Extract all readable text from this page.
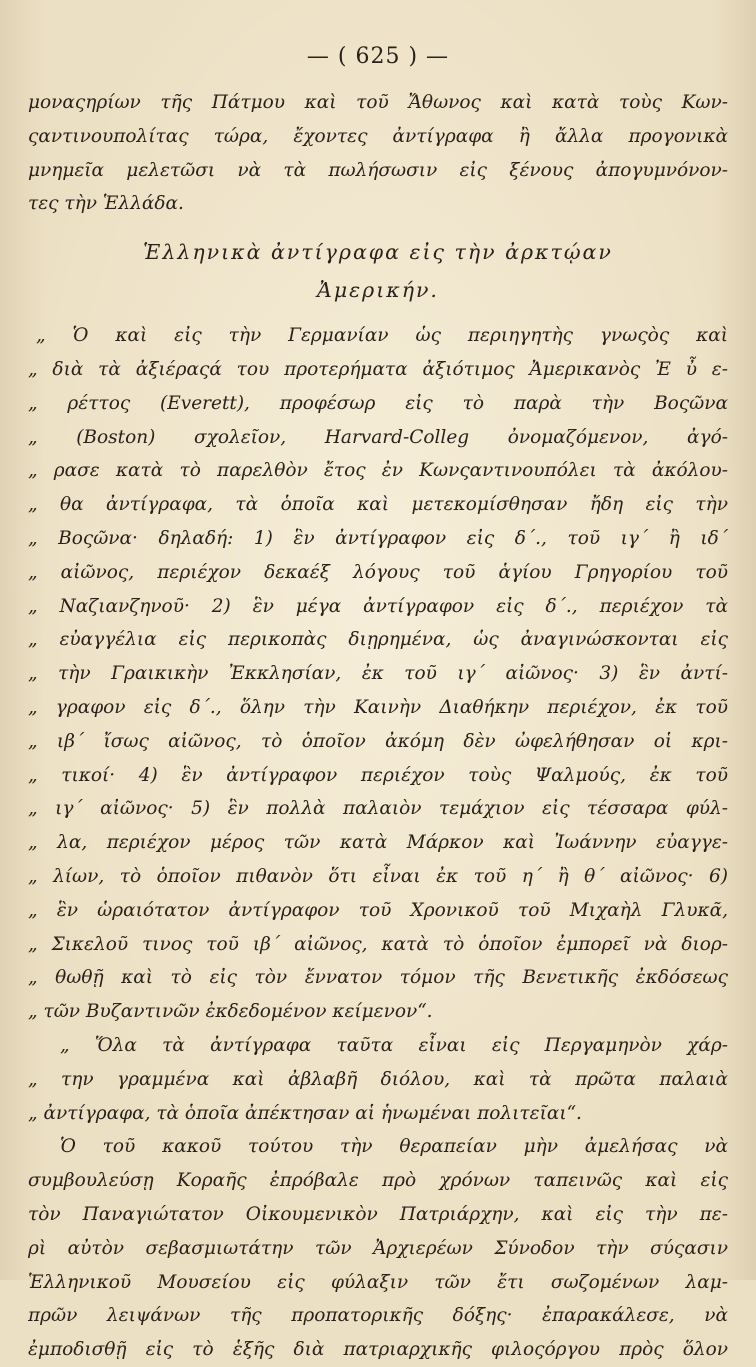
— ( 625 ) —
μοναςηρίων τῆς Πάτμου καὶ τοῦ Ἄθωνος καὶ κατὰ τοὺς Κων-
ςαντινουπολίτας τώρα, ἔχοντες ἀντίγραφα ἢ ἄλλα προγονικὰ
μνημεῖα μελετῶσι νὰ τὰ πωλήσωσιν εἰς ξένους ἀπογυμνόνον-
τες τὴν Ἑλλάδα.
Ἑλληνικὰ ἀντίγραφα εἰς τὴν ἀρκτῴαν
Ἀμερικήν.
„ Ὁ καὶ εἰς τὴν Γερμανίαν ὡς περιηγητὴς γνωςὸς καὶ
„ διὰ τὰ ἀξιέραςά του προτερήματα ἀξιότιμος Ἀμερικανὸς Ἐ ὖ ε-
„ ρέττος (Everett), προφέσωρ εἰς τὸ παρὰ τὴν Βοςῶνα
„ (Boston) σχολεῖον, Harvard-Colleg ὀνομαζόμενον, ἀγό-
„ ρασε κατὰ τὸ παρελθὸν ἔτος ἐν Κωνςαντινουπόλει τὰ ἀκόλου-
„ θα ἀντίγραφα, τὰ ὁποῖα καὶ μετεκομίσθησαν ἤδη εἰς τὴν
„ Βοςῶνα· δηλαδή: 1) ἓν ἀντίγραφον εἰς δ΄., τοῦ ιγ΄ ἢ ιδ΄
„ αἰῶνος, περιέχον δεκαέξ λόγους τοῦ ἁγίου Γρηγορίου τοῦ
„ Ναζιανζηνοῦ· 2) ἓν μέγα ἀντίγραφον εἰς δ΄., περιέχον τὰ
„ εὐαγγέλια εἰς περικοπὰς διῃρημένα, ὡς ἀναγινώσκονται εἰς
„ τὴν Γραικικὴν Ἐκκλησίαν, ἐκ τοῦ ιγ΄ αἰῶνος· 3) ἓν ἀντί-
„ γραφον εἰς δ΄., ὅλην τὴν Καινὴν Διαθήκην περιέχον, ἐκ τοῦ
„ ιβ΄ ἴσως αἰῶνος, τὸ ὁποῖον ἀκόμη δὲν ὠφελήθησαν οἱ κρι-
„ τικοί· 4) ἓν ἀντίγραφον περιέχον τοὺς Ψαλμούς, ἐκ τοῦ
„ ιγ΄ αἰῶνος· 5) ἓν πολλὰ παλαιὸν τεμάχιον εἰς τέσσαρα φύλ-
„ λα, περιέχον μέρος τῶν κατὰ Μάρκον καὶ Ἰωάννην εὐαγγε-
„ λίων, τὸ ὁποῖον πιθανὸν ὅτι εἶναι ἐκ τοῦ η΄ ἢ θ΄ αἰῶνος· 6)
„ ἓν ὡραιότατον ἀντίγραφον τοῦ Χρονικοῦ τοῦ Μιχαὴλ Γλυκᾶ,
„ Σικελοῦ τινος τοῦ ιβ΄ αἰῶνος, κατὰ τὸ ὁποῖον ἐμπορεῖ νὰ διορ-
„ θωθῇ καὶ τὸ εἰς τὸν ἔννατον τόμον τῆς Βενετικῆς ἐκδόσεως
„ τῶν Βυζαντινῶν ἐκδεδομένον κείμενον“.
„ Ὅλα τὰ ἀντίγραφα ταῦτα εἶναι εἰς Περγαμηνὸν χάρ-
„ την γραμμένα καὶ ἀβλαβῆ διόλου, καὶ τὰ πρῶτα παλαιὰ
„ ἀντίγραφα, τὰ ὁποῖα ἀπέκτησαν αἱ ἡνωμέναι πολιτεῖαι“.
Ὁ τοῦ κακοῦ τούτου τὴν θεραπείαν μὴν ἀμελήσας νὰ
συμβουλεύσῃ Κοραῆς ἐπρόβαλε πρὸ χρόνων ταπεινῶς καὶ εἰς
τὸν Παναγιώτατον Οἰκουμενικὸν Πατριάρχην, καὶ εἰς τὴν πε-
ρὶ αὐτὸν σεβασμιωτάτην τῶν Ἀρχιερέων Σύνοδον τὴν σύςασιν
Ἑλληνικοῦ Μουσείου εἰς φύλαξιν τῶν ἔτι σωζομένων λαμ-
πρῶν λειψάνων τῆς προπατορικῆς δόξης· ἐπαρακάλεσε, νὰ
ἐμποδισθῇ εἰς τὸ ἑξῆς διὰ πατριαρχικῆς φιλοςόργου πρὸς ὅλον
